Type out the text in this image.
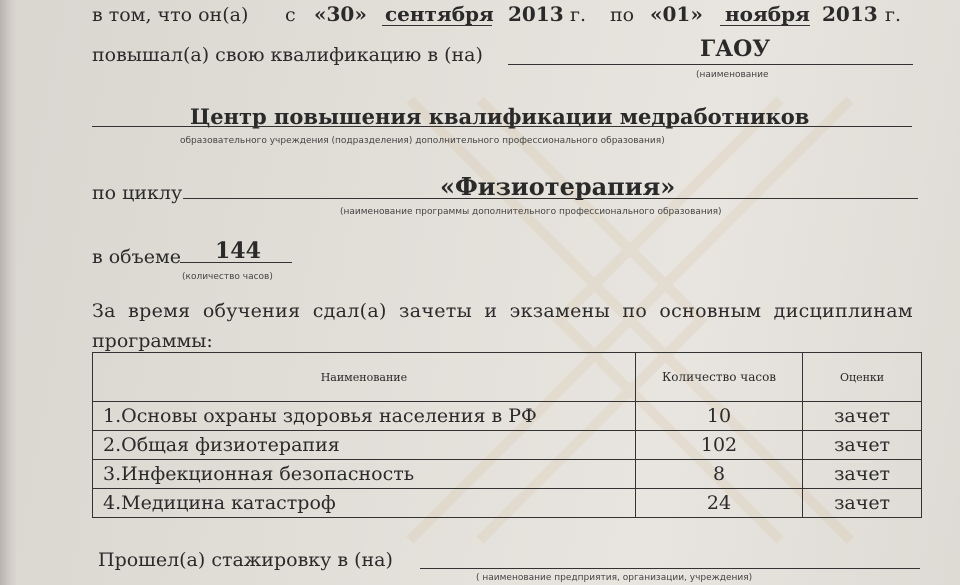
в том, что он(а) с «30» сентября 2013 г. по «01» ноября 2013 г.
повышал(а) свою квалификацию в (на)	ГАОУ
(наименование
Центр повышения квалификации медработников
образовательного учреждения (подразделения) дополнительного профессионального образования)
по циклу	«Физиотерапия»
(наименование программы дополнительного профессионального образования)
в объеме 144
(количество часов)
За время обучения сдал(а) зачеты и экзамены по основным дисциплинам
программы:
Наименование	Количество часов	Оценки
1.Основы охраны здоровья населения в РФ	10	зачет
2.Общая физиотерапия	102	зачет
3.Инфекционная безопасность	8	зачет
4.Медицина катастроф	24	зачет
Прошел(а) стажировку в (на)
( наименование предприятия, организации, учреждения)
